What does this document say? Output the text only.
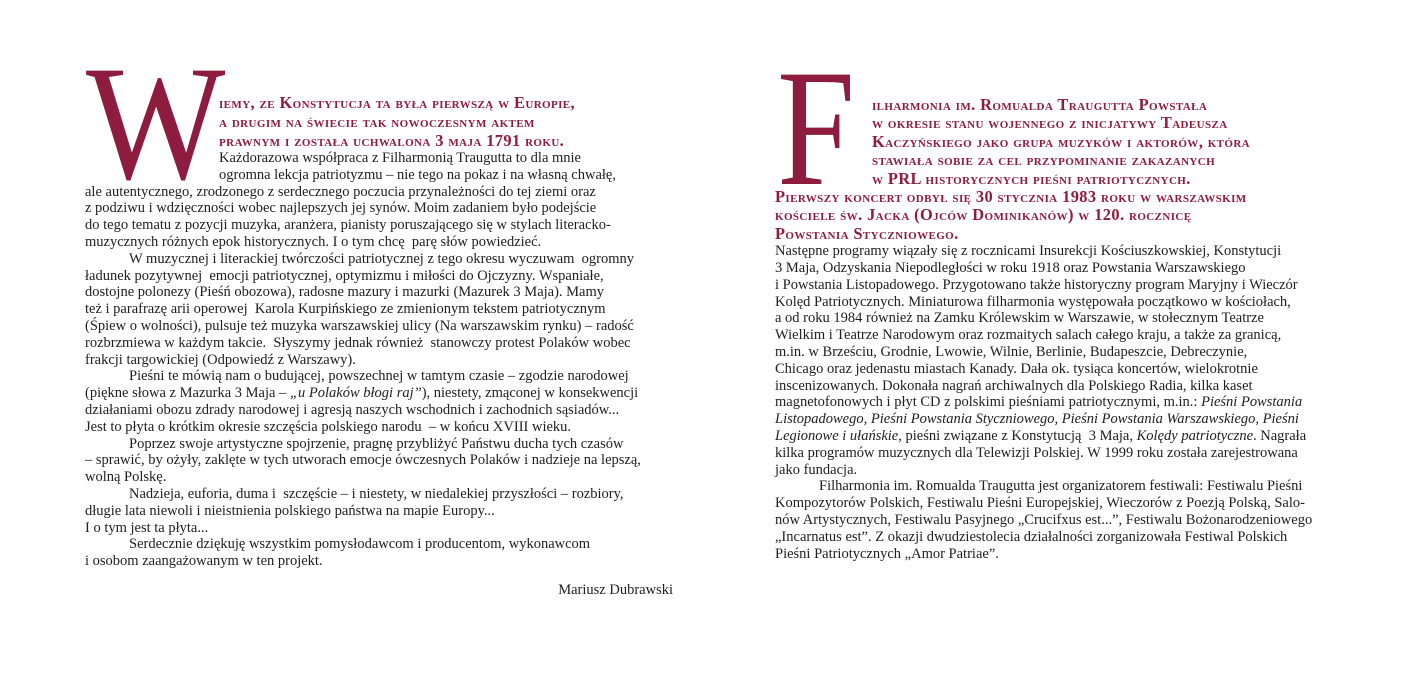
W
iemy, ze Konstytucja ta była pierwszą w Europie,
a drugim na świecie tak nowoczesnym aktem
prawnym i została uchwalona 3 maja 1791 roku.
Każdorazowa współpraca z Filharmonią Traugutta to dla mnie
ogromna lekcja patriotyzmu – nie tego na pokaz i na własną chwałę,
ale autentycznego, zrodzonego z serdecznego poczucia przynależności do tej ziemi oraz
z podziwu i wdzięczności wobec najlepszych jej synów. Moim zadaniem było podejście
do tego tematu z pozycji muzyka, aranżera, pianisty poruszającego się w stylach literacko-
muzycznych różnych epok historycznych. I o tym chcę  parę słów powiedzieć.
W muzycznej i literackiej twórczości patriotycznej z tego okresu wyczuwam  ogromny
ładunek pozytywnej  emocji patriotycznej, optymizmu i miłości do Ojczyzny. Wspaniałe,
dostojne polonezy (Pieśń obozowa), radosne mazury i mazurki (Mazurek 3 Maja). Mamy
też i parafrazę arii operowej  Karola Kurpińskiego ze zmienionym tekstem patriotycznym
(Śpiew o wolności), pulsuje też muzyka warszawskiej ulicy (Na warszawskim rynku) – radość
rozbrzmiewa w każdym takcie.  Słyszymy jednak również  stanowczy protest Polaków wobec
frakcji targowickiej (Odpowiedź z Warszawy).
Pieśni te mówią nam o budującej, powszechnej w tamtym czasie – zgodzie narodowej
(piękne słowa z Mazurka 3 Maja – „u Polaków błogi raj”), niestety, zmąconej w konsekwencji
działaniami obozu zdrady narodowej i agresją naszych wschodnich i zachodnich sąsiadów...
Jest to płyta o krótkim okresie szczęścia polskiego narodu  – w końcu XVIII wieku.
Poprzez swoje artystyczne spojrzenie, pragnę przybliżyć Państwu ducha tych czasów
– sprawić, by ożyły, zaklęte w tych utworach emocje ówczesnych Polaków i nadzieje na lepszą,
wolną Polskę.
Nadzieja, euforia, duma i  szczęście – i niestety, w niedalekiej przyszłości – rozbiory,
długie lata niewoli i nieistnienia polskiego państwa na mapie Europy...
I o tym jest ta płyta...
Serdecznie dziękuję wszystkim pomysłodawcom i producentom, wykonawcom
i osobom zaangażowanym w ten projekt.
Mariusz Dubrawski
F	ilharmonia im. Romualda Traugutta Powstała
w okresie stanu wojennego z inicjatywy Tadeusza
Kaczyńskiego jako grupa muzyków i aktorów, która
stawiała sobie za cel przypominanie zakazanych
w PRL historycznych pieśni patriotycznych.
Pierwszy koncert odbył się 30 stycznia 1983 roku w warszawskim
kościele św. Jacka (Ojców Dominikanów) w 120. rocznicę
Powstania Styczniowego.
Następne programy wiązały się z rocznicami Insurekcji Kościuszkowskiej, Konstytucji
3 Maja, Odzyskania Niepodległości w roku 1918 oraz Powstania Warszawskiego
i Powstania Listopadowego. Przygotowano także historyczny program Maryjny i Wieczór
Kolęd Patriotycznych. Miniaturowa filharmonia występowała początkowo w kościołach,
a od roku 1984 również na Zamku Królewskim w Warszawie, w stołecznym Teatrze
Wielkim i Teatrze Narodowym oraz rozmaitych salach całego kraju, a także za granicą,
m.in. w Brześciu, Grodnie, Lwowie, Wilnie, Berlinie, Budapeszcie, Debreczynie,
Chicago oraz jedenastu miastach Kanady. Dała ok. tysiąca koncertów, wielokrotnie
inscenizowanych. Dokonała nagrań archiwalnych dla Polskiego Radia, kilka kaset
magnetofonowych i płyt CD z polskimi pieśniami patriotycznymi, m.in.: Pieśni Powstania
Listopadowego, Pieśni Powstania Styczniowego, Pieśni Powstania Warszawskiego, Pieśni
Legionowe i ułańskie, pieśni związane z Konstytucją  3 Maja, Kolędy patriotyczne. Nagrała
kilka programów muzycznych dla Telewizji Polskiej. W 1999 roku została zarejestrowana
jako fundacja.
Filharmonia im. Romualda Traugutta jest organizatorem festiwali: Festiwalu Pieśni
Kompozytorów Polskich, Festiwalu Pieśni Europejskiej, Wieczorów z Poezją Polską, Salo-
nów Artystycznych, Festiwalu Pasyjnego „Crucifxus est...”, Festiwalu Bożonarodzeniowego
„Incarnatus est”. Z okazji dwudziestolecia działalności zorganizowała Festiwal Polskich
Pieśni Patriotycznych „Amor Patriae”.
